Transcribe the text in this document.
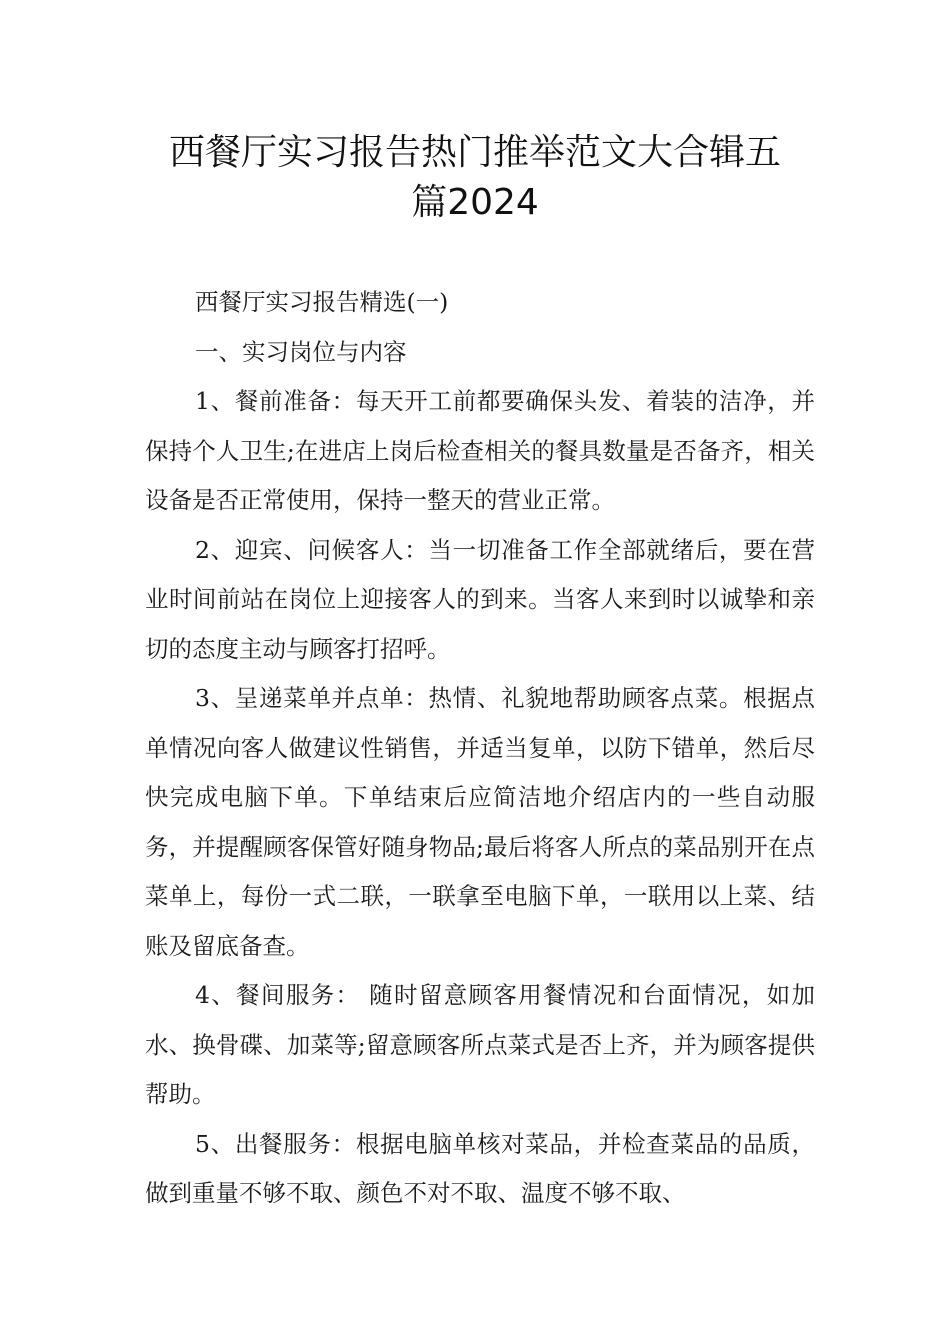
西餐厅实习报告热门推举范文大合辑五
篇2024

西餐厅实习报告精选(一)

一、实习岗位与内容

1、餐前准备：每天开工前都要确保头发、着装的洁净，并保持个人卫生;在进店上岗后检查相关的餐具数量是否备齐，相关设备是否正常使用，保持一整天的营业正常。

2、迎宾、问候客人：当一切准备工作全部就绪后，要在营业时间前站在岗位上迎接客人的到来。当客人来到时以诚挚和亲切的态度主动与顾客打招呼。

3、呈递菜单并点单：热情、礼貌地帮助顾客点菜。根据点单情况向客人做建议性销售，并适当复单，以防下错单，然后尽快完成电脑下单。下单结束后应简洁地介绍店内的一些自动服务，并提醒顾客保管好随身物品;最后将客人所点的菜品别开在点菜单上，每份一式二联，一联拿至电脑下单，一联用以上菜、结账及留底备查。

4、餐间服务： 随时留意顾客用餐情况和台面情况，如加水、换骨碟、加菜等;留意顾客所点菜式是否上齐，并为顾客提供帮助。

5、出餐服务：根据电脑单核对菜品，并检查菜品的品质，做到重量不够不取、颜色不对不取、温度不够不取、
